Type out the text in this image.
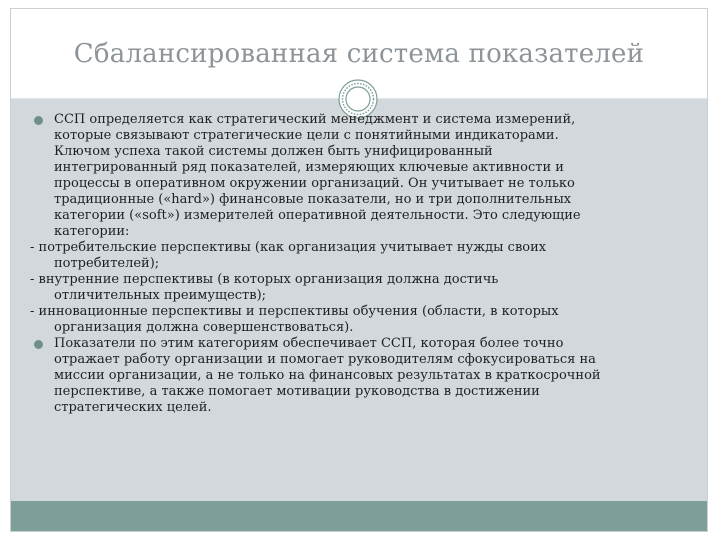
Сбалансированная система показателей
ССП определяется как стратегический менеджмент и система измерений,
которые связывают стратегические цели с понятийными индикаторами.
Ключом успеха такой системы должен быть унифицированный
интегрированный ряд показателей, измеряющих ключевые активности и
процессы в оперативном окружении организаций. Он учитывает не только
традиционные («hard») финансовые показатели, но и три дополнительных
категории («soft») измерителей оперативной деятельности. Это следующие
категории:
- потребительские перспективы (как организация учитывает нужды своих
потребителей);
- внутренние перспективы (в которых организация должна достичь
отличительных преимуществ);
- инновационные перспективы и перспективы обучения (области, в которых
организация должна совершенствоваться).
Показатели по этим категориям обеспечивает ССП, которая более точно
отражает работу организации и помогает руководителям сфокусироваться на
миссии организации, а не только на финансовых результатах в краткосрочной
перспективе, а также помогает мотивации руководства в достижении
стратегических целей.
